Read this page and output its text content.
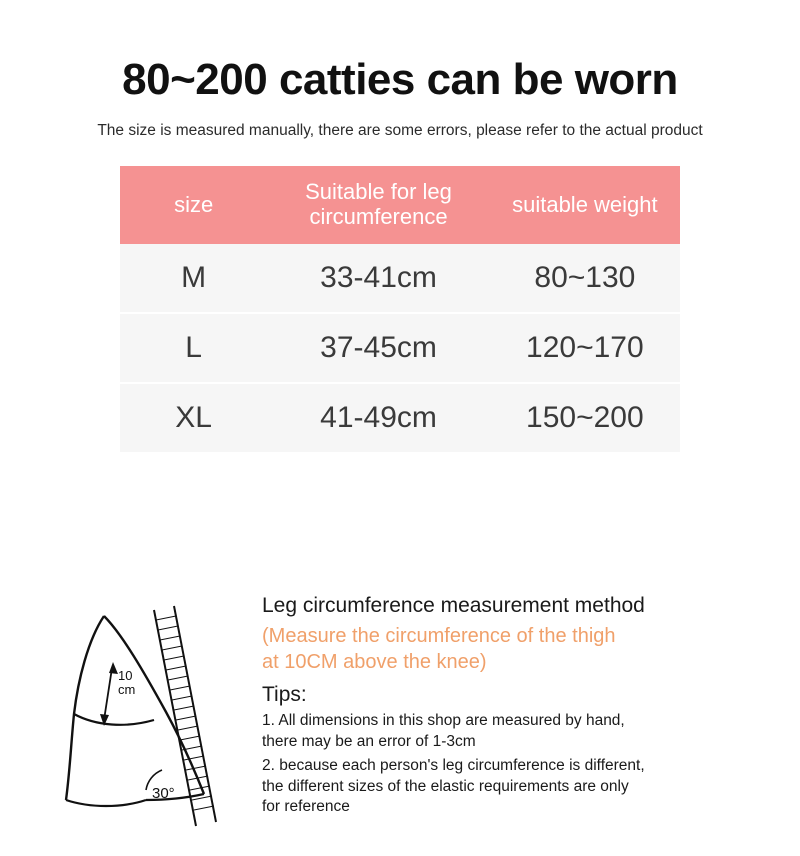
80~200 catties can be worn

The size is measured manually, there are some errors, please refer to the actual product

size	Suitable for leg circumference	suitable weight
M	33-41cm	80~130
L	37-45cm	120~170
XL	41-49cm	150~200
10
cm
30°
Leg circumference measurement method
(Measure the circumference of the thigh
at 10CM above the knee)
Tips:
1. All dimensions in this shop are measured by hand,
there may be an error of 1-3cm
2. because each person's leg circumference is different,
the different sizes of the elastic requirements are only
for reference
